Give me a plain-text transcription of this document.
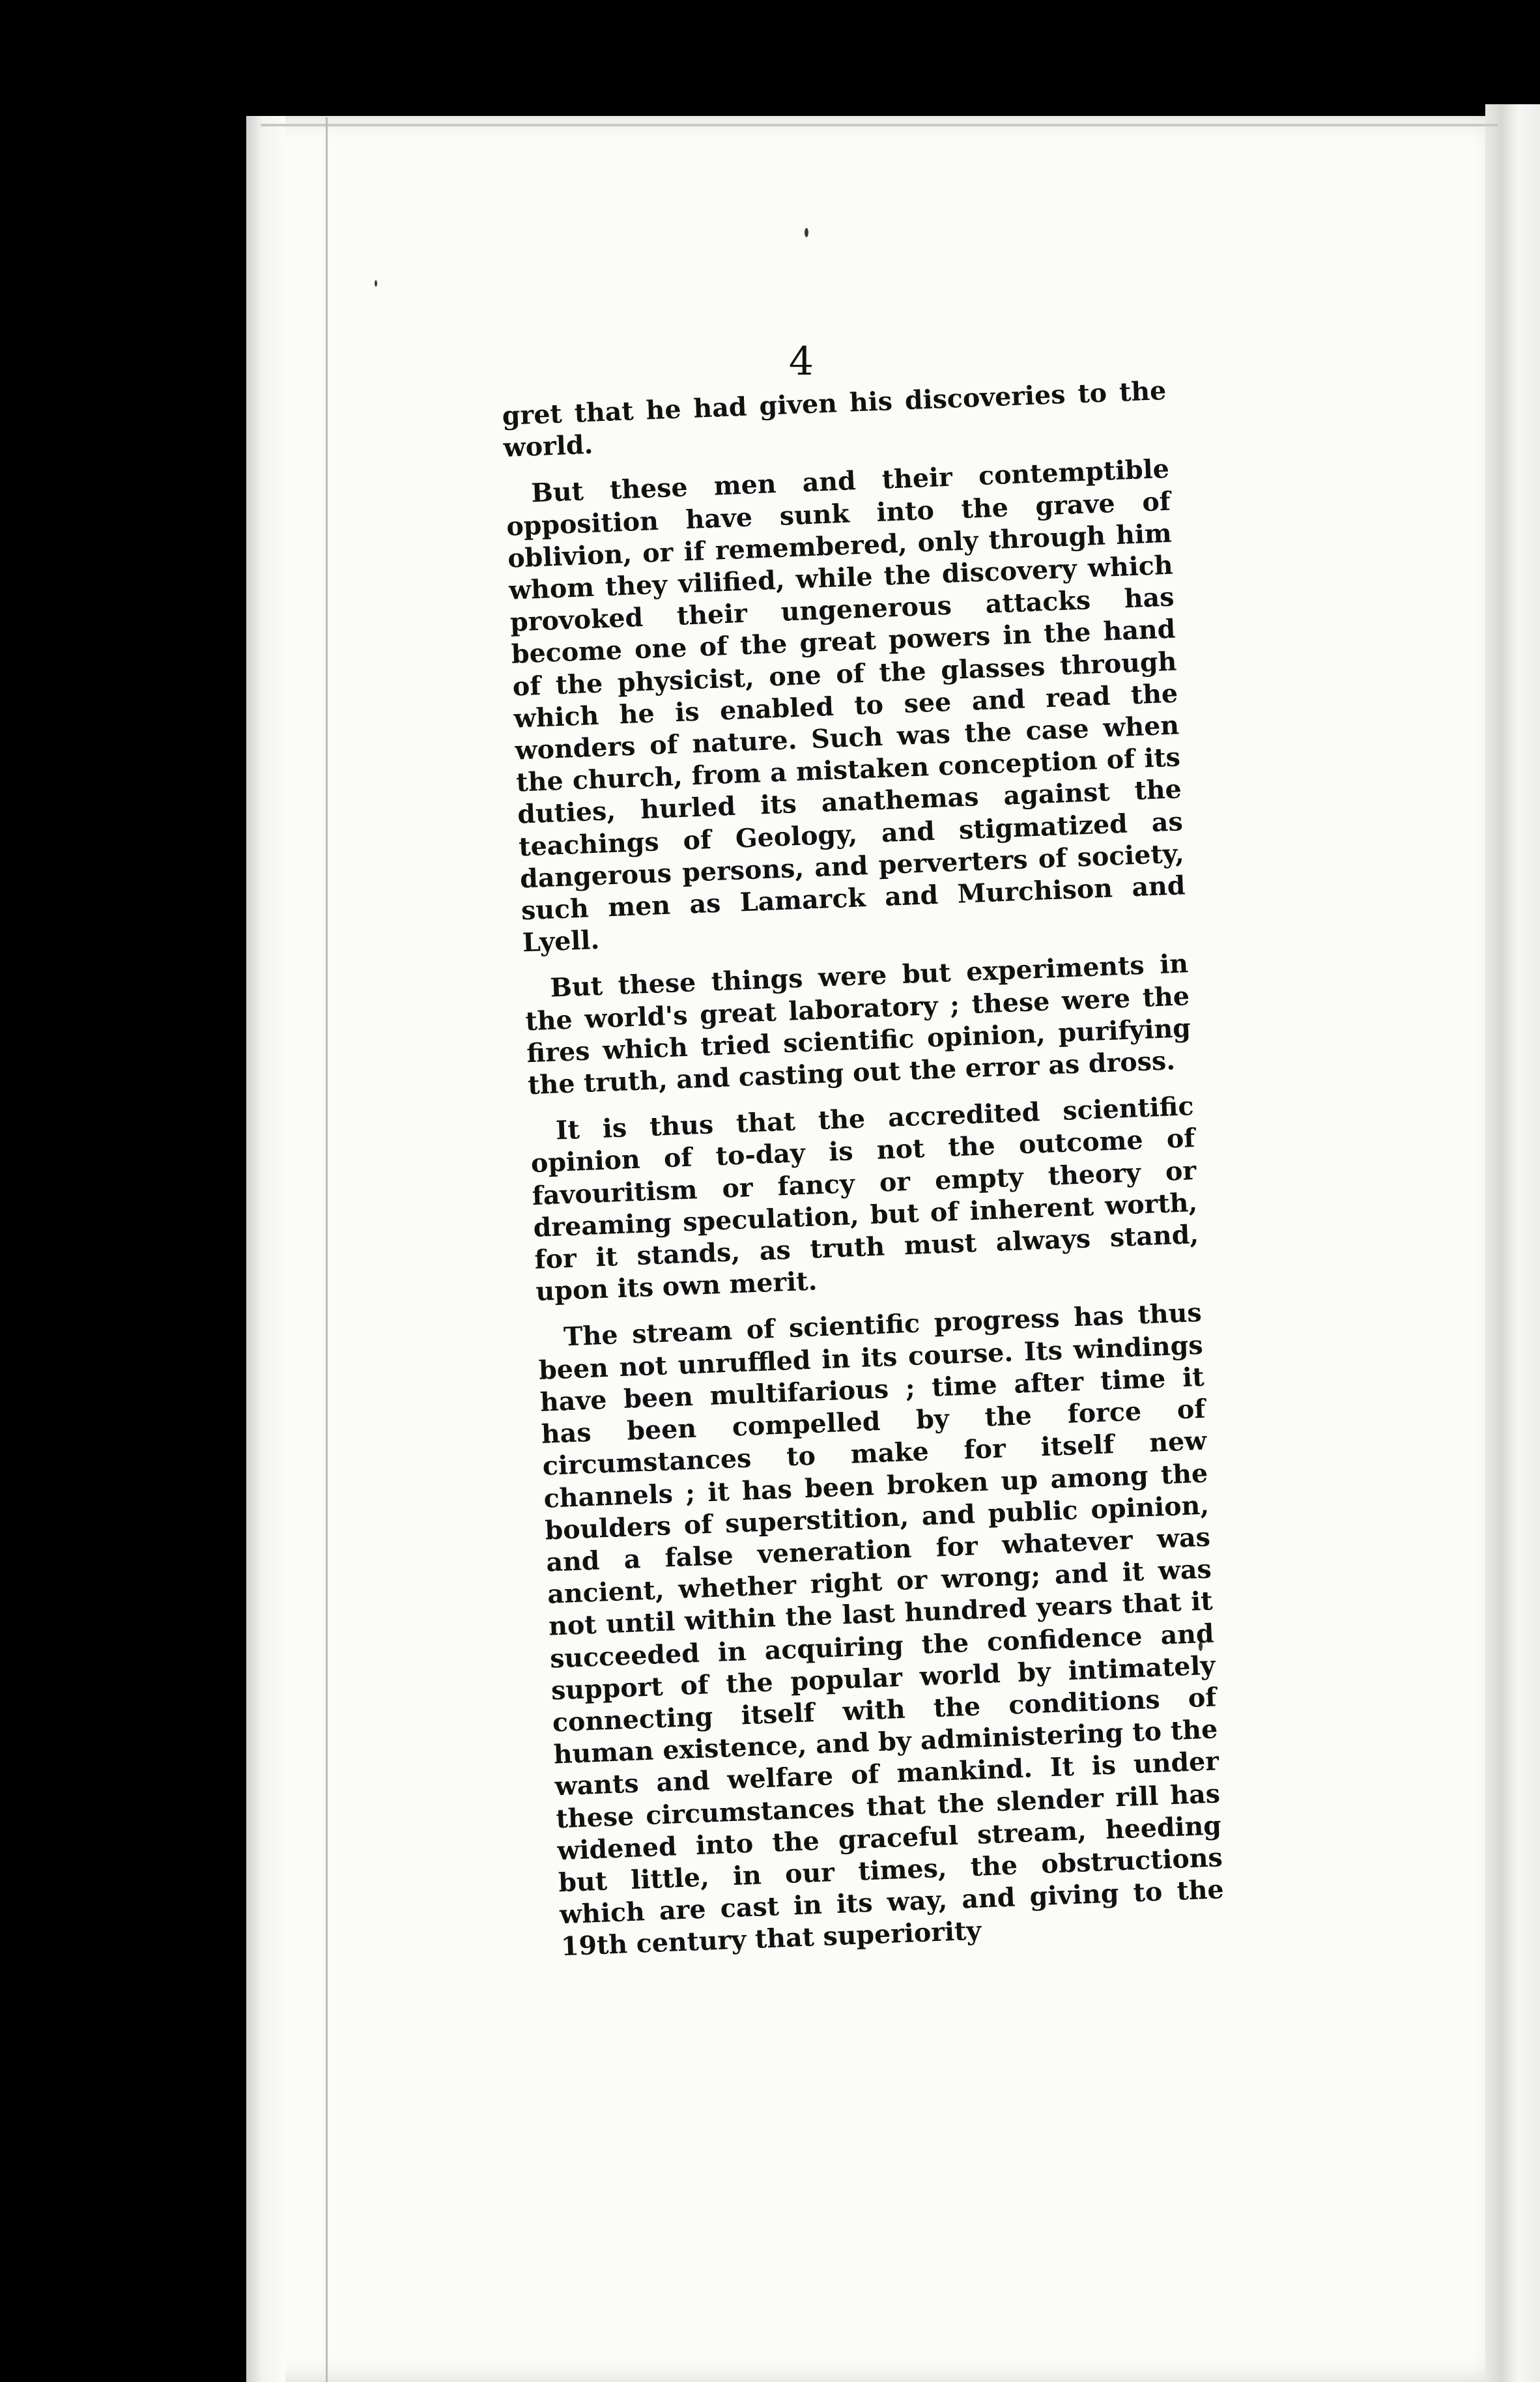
4

gret that he had given his discoveries to the world.

But these men and their contemptible opposition have sunk into the grave of oblivion, or if remembered, only through him whom they vilified, while the discovery which provoked their ungenerous attacks has become one of the great powers in the hand of the physicist, one of the glasses through which he is enabled to see and read the wonders of nature. Such was the case when the church, from a mistaken conception of its duties, hurled its anathemas against the teachings of Geology, and stigmatized as dangerous persons, and perverters of society, such men as Lamarck and Murchison and Lyell.

But these things were but experiments in the world's great laboratory ; these were the fires which tried scientific opinion, purifying the truth, and casting out the error as dross.

It is thus that the accredited scientific opinion of to-day is not the outcome of favouritism or fancy or empty theory or dreaming speculation, but of inherent worth, for it stands, as truth must always stand, upon its own merit.

The stream of scientific progress has thus been not unruffled in its course. Its windings have been multifarious ; time after time it has been compelled by the force of circumstances to make for itself new channels ; it has been broken up among the boulders of superstition, and public opinion, and a false veneration for whatever was ancient, whether right or wrong; and it was not until within the last hundred years that it succeeded in acquiring the confidence and support of the popular world by intimately connecting itself with the conditions of human existence, and by administering to the wants and welfare of mankind. It is under these circumstances that the slender rill has widened into the graceful stream, heeding but little, in our times, the obstructions which are cast in its way, and giving to the 19th century that superiority
